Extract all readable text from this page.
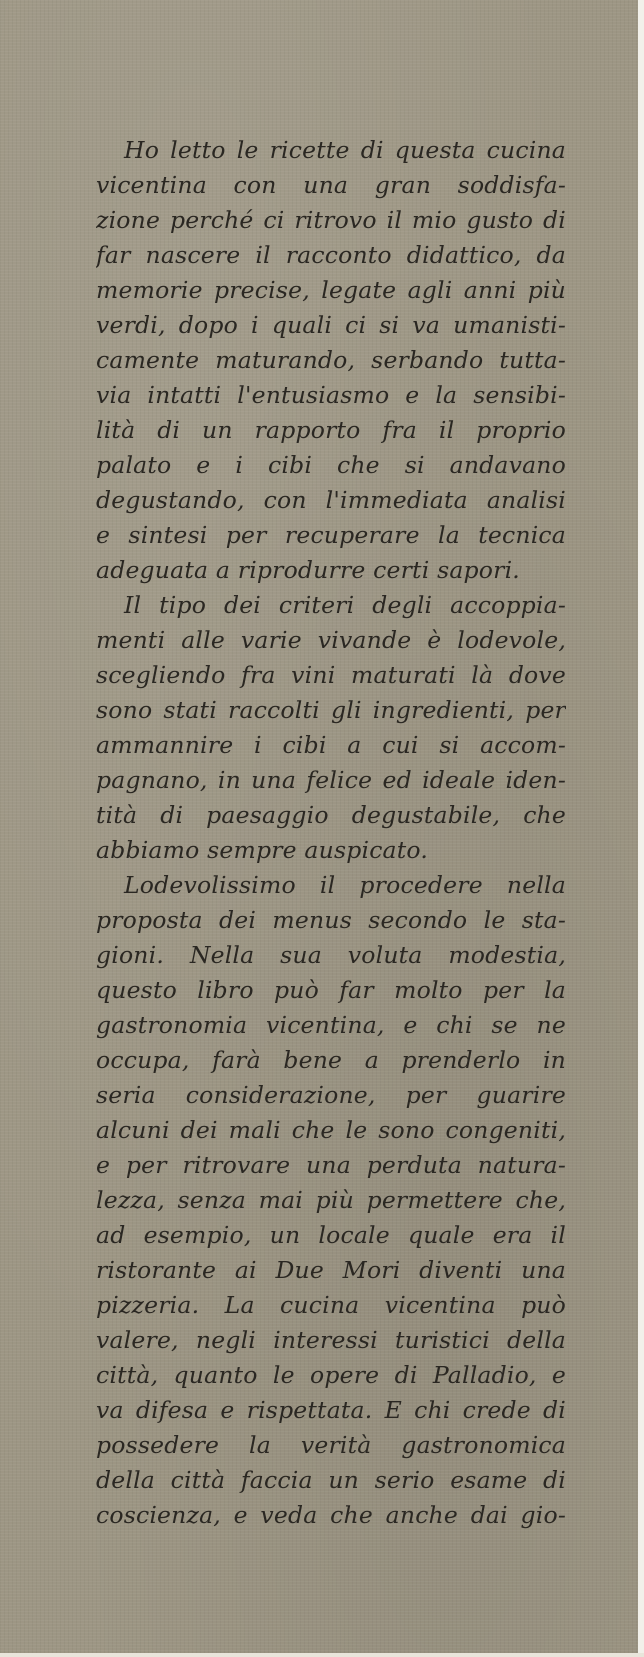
Ho letto le ricette di questa cucina
vicentina con una gran soddisfa-
zione perché ci ritrovo il mio gusto di
far nascere il racconto didattico, da
memorie precise, legate agli anni più
verdi, dopo i quali ci si va umanisti-
camente maturando, serbando tutta-
via intatti l'entusiasmo e la sensibi-
lità di un rapporto fra il proprio
palato e i cibi che si andavano
degustando, con l'immediata analisi
e sintesi per recuperare la tecnica
adeguata a riprodurre certi sapori.
Il tipo dei criteri degli accoppia-
menti alle varie vivande è lodevole,
scegliendo fra vini maturati là dove
sono stati raccolti gli ingredienti, per
ammannire i cibi a cui si accom-
pagnano, in una felice ed ideale iden-
tità di paesaggio degustabile, che
abbiamo sempre auspicato.
Lodevolissimo il procedere nella
proposta dei menus secondo le sta-
gioni. Nella sua voluta modestia,
questo libro può far molto per la
gastronomia vicentina, e chi se ne
occupa, farà bene a prenderlo in
seria considerazione, per guarire
alcuni dei mali che le sono congeniti,
e per ritrovare una perduta natura-
lezza, senza mai più permettere che,
ad esempio, un locale quale era il
ristorante ai Due Mori diventi una
pizzeria. La cucina vicentina può
valere, negli interessi turistici della
città, quanto le opere di Palladio, e
va difesa e rispettata. E chi crede di
possedere la verità gastronomica
della città faccia un serio esame di
coscienza, e veda che anche dai gio-
